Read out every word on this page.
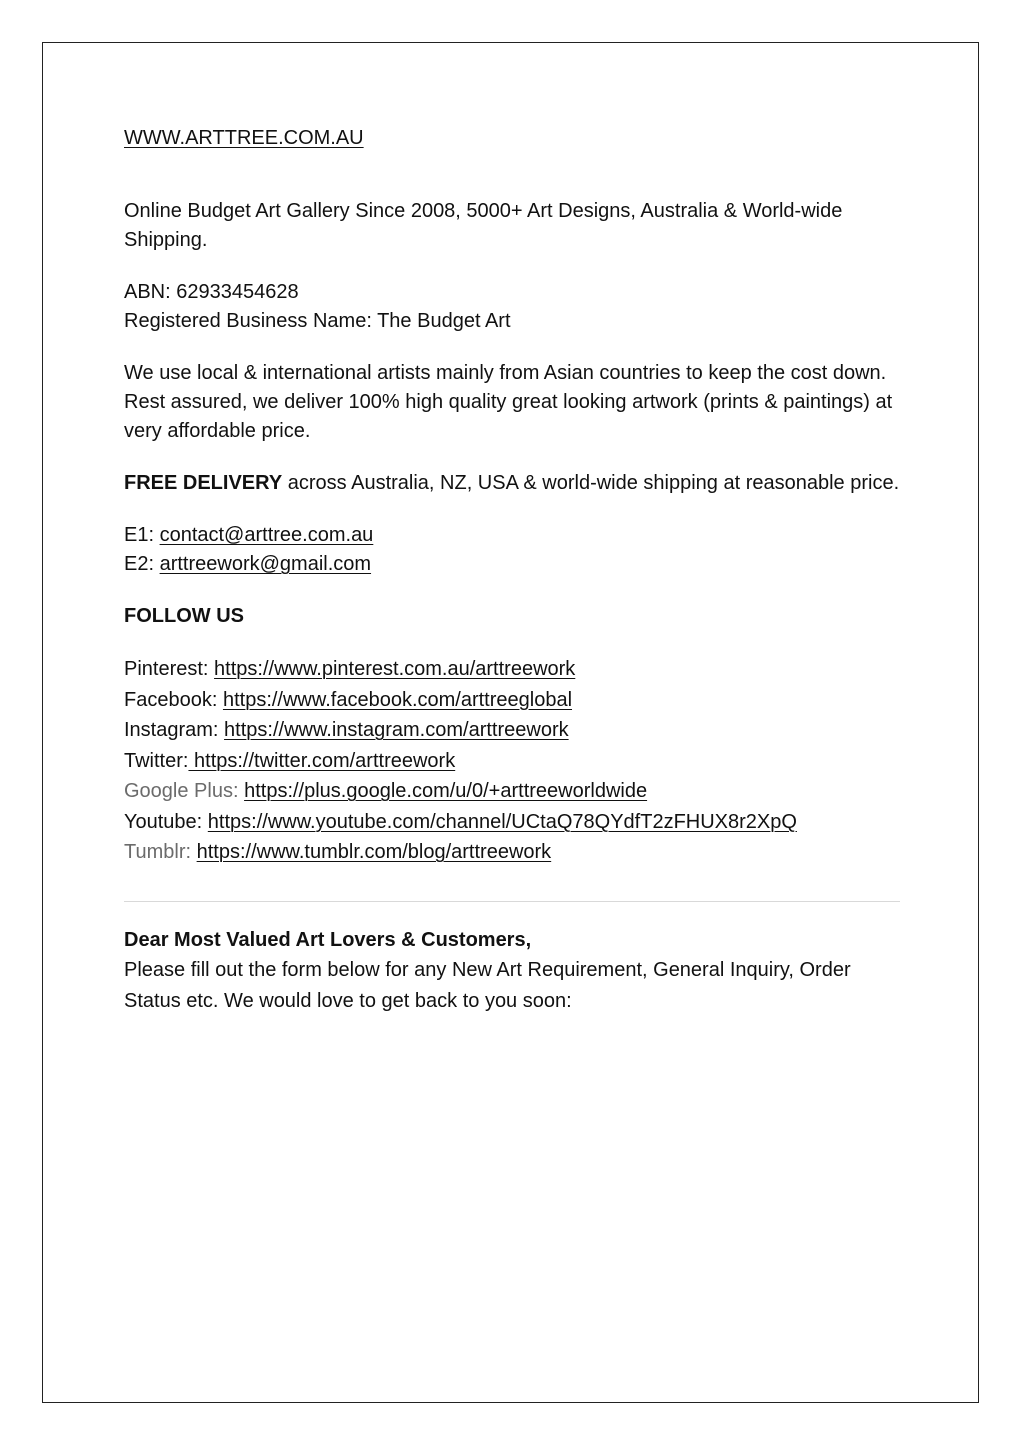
WWW.ARTTREE.COM.AU

Online Budget Art Gallery Since 2008, 5000+ Art Designs, Australia & World-wide Shipping.

ABN: 62933454628

Registered Business Name: The Budget Art

We use local & international artists mainly from Asian countries to keep the cost down. Rest assured, we deliver 100% high quality great looking artwork (prints & paintings) at very affordable price.

FREE DELIVERY across Australia, NZ, USA & world-wide shipping at reasonable price.

E1: contact@arttree.com.au

E2: arttreework@gmail.com

FOLLOW US

Pinterest: https://www.pinterest.com.au/arttreework

Facebook: https://www.facebook.com/arttreeglobal

Instagram: https://www.instagram.com/arttreework

Twitter: https://twitter.com/arttreework

Google Plus: https://plus.google.com/u/0/+arttreeworldwide

Youtube: https://www.youtube.com/channel/UCtaQ78QYdfT2zFHUX8r2XpQ

Tumblr: https://www.tumblr.com/blog/arttreework

Dear Most Valued Art Lovers & Customers,

Please fill out the form below for any New Art Requirement, General Inquiry, Order Status etc. We would love to get back to you soon:
